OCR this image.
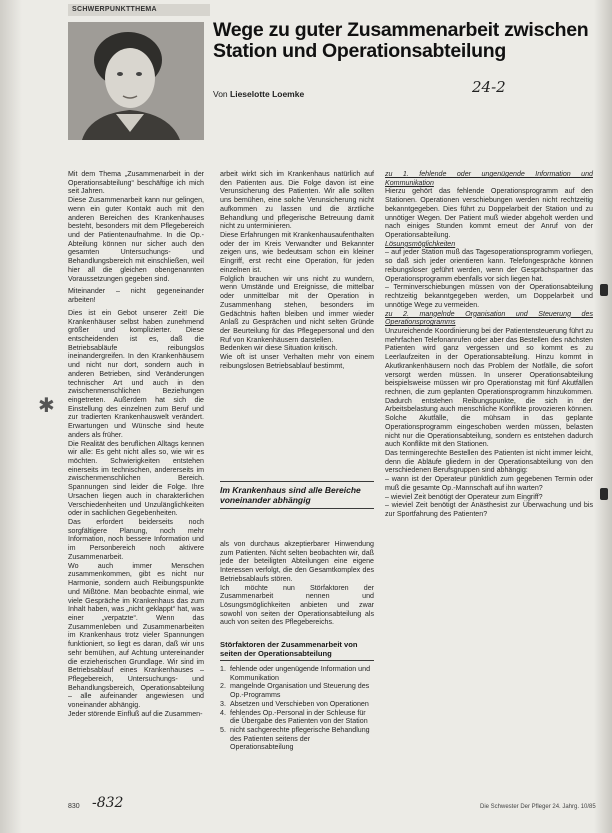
SCHWERPUNKTTHEMA
Wege zu guter Zusammenarbeit zwischen Station und Operationsabteilung
24-2
Von Lieselotte Loemke

Mit dem Thema „Zusammenarbeit in der Operationsabteilung“ beschäftige ich mich seit Jahren.

Diese Zusammenarbeit kann nur gelingen, wenn ein guter Kontakt auch mit den anderen Bereichen des Krankenhauses besteht, besonders mit dem Pflegebereich und der Patientenaufnahme. In die Op.-Abteilung können nur sicher auch den gesamten Untersuchungs- und Behandlungsbereich mit einschließen, weil hier all die gleichen obengenannten Voraussetzungen gegeben sind.

Miteinander – nicht gegeneinander arbeiten!

Dies ist ein Gebot unserer Zeit! Die Krankenhäuser selbst haben zunehmend größer und komplizierter. Diese entscheidenden ist es, daß die Betriebsabläufe reibungslos ineinandergreifen. In den Krankenhäusern und nicht nur dort, sondern auch in anderen Betrieben, sind Veränderungen technischer Art und auch in den zwischenmenschlichen Beziehungen eingetreten. Außerdem hat sich die Einstellung des einzelnen zum Beruf und zur tradierten Krankenhauswelt verändert. Erwartungen und Wünsche sind heute anders als früher.

Die Realität des beruflichen Alltags kennen wir alle: Es geht nicht alles so, wie wir es möchten. Schwierigkeiten entstehen einerseits im technischen, andererseits im zwischenmenschlichen Bereich. Spannungen sind leider die Folge. Ihre Ursachen liegen auch in charakterlichen Verschiedenheiten und Unzulänglichkeiten oder in sachlichen Gegebenheiten.

Das erfordert beiderseits noch sorgfältigere Planung, noch mehr Information, noch bessere Information und im Personbereich noch aktivere Zusammenarbeit.

Wo auch immer Menschen zusammenkommen, gibt es nicht nur Harmonie, sondern auch Reibungspunkte und Mißtöne. Man beobachte einmal, wie viele Gespräche im Krankenhaus das zum Inhalt haben, was „nicht geklappt“ hat, was einer „verpatzte“. Wenn das Zusammenleben und Zusammenarbeiten im Krankenhaus trotz vieler Spannungen funktioniert, so liegt es daran, daß wir uns sehr bemühen, auf Achtung untereinander die erzieherischen Grundlage. Wir sind im Betriebsablauf eines Krankenhauses – Pflegebereich, Untersuchungs- und Behandlungsbereich, Operationsabteilung – alle aufeinander angewiesen und voneinander abhängig.

Jeder störende Einfluß auf die Zusammen-

arbeit wirkt sich im Krankenhaus natürlich auf den Patienten aus. Die Folge davon ist eine Verunsicherung des Patienten. Wir alle sollten uns bemühen, eine solche Verunsicherung nicht aufkommen zu lassen und die ärztliche Behandlung und pflegerische Betreuung damit nicht zu unterminieren.

Diese Erfahrungen mit Krankenhausaufenthalten oder der im Kreis Verwandter und Bekannter zeigen uns, wie bedeutsam schon ein kleiner Eingriff, erst recht eine Operation, für jeden einzelnen ist.

Folglich brauchen wir uns nicht zu wundern, wenn Umstände und Ereignisse, die mittelbar oder unmittelbar mit der Operation in Zusammenhang stehen, besonders im Gedächtnis haften bleiben und immer wieder Anlaß zu Gesprächen und nicht selten Gründe der Beurteilung für das Pflegepersonal und den Ruf von Krankenhäusern darstellen.

Bedenken wir diese Situation kritisch.

Wie oft ist unser Verhalten mehr von einem reibungslosen Betriebsablauf bestimmt,

Im Krankenhaus sind alle Bereiche voneinander abhängig

als von durchaus akzeptierbarer Hinwendung zum Patienten. Nicht selten beobachten wir, daß jede der beteiligten Abteilungen eine eigene Interessen verfolgt, die den Gesamtkomplex des Betriebsablaufs stören.

Ich möchte nun Störfaktoren der Zusammenarbeit nennen und Lösungsmöglichkeiten anbieten und zwar sowohl von seiten der Operationsabteilung als auch von seiten des Pflegebereichs.

Störfaktoren der Zusammenarbeit von seiten der Operationsabteilung
1. fehlende oder ungenügende Information und Kommunikation
2. mangelnde Organisation und Steuerung des Op.-Programms
3. Absetzen und Verschieben von Operationen
4. fehlendes Op.-Personal in der Schleuse für die Übergabe des Patienten von der Station
5. nicht sachgerechte pflegerische Behandlung des Patienten seitens der Operationsabteilung

zu 1. fehlende oder ungenügende Information und Kommunikation

Hierzu gehört das fehlende Operationsprogramm auf den Stationen. Operationen verschiebungen werden nicht rechtzeitig bekanntgegeben. Dies führt zu Doppelarbeit der Station und zu unnötiger Wegen. Der Patient muß wieder abgeholt werden und nach einiges Stunden kommt erneut der Anruf von der Operationsabteilung.

Lösungsmöglichkeiten

– auf jeder Station muß das Tagesoperationsprogramm vorliegen, so daß sich jeder orientieren kann. Telefongespräche können reibungsloser geführt werden, wenn der Gesprächspartner das Operationsprogramm ebenfalls vor sich liegen hat.

– Terminverschiebungen müssen von der Operationsabteilung rechtzeitig bekanntgegeben werden, um Doppelarbeit und unnötige Wege zu vermeiden.

zu 2. mangelnde Organisation und Steuerung des Operationsprogramms

Unzureichende Koordinierung bei der Patientensteuerung führt zu mehrfachen Telefonanrufen oder aber das Bestellen des nächsten Patienten wird ganz vergessen und so kommt es zu Leerlaufzeiten in der Operationsabteilung. Hinzu kommt in Akutkrankenhäusern noch das Problem der Notfälle, die sofort versorgt werden müssen. In unserer Operationsabteilung beispielsweise müssen wir pro Operationstag mit fünf Akutfällen rechnen, die zum geplanten Operationsprogramm hinzukommen. Dadurch entstehen Reibungspunkte, die sich in der Arbeitsbelastung auch menschliche Konflikte provozieren können. Solche Akutfälle, die mühsam in das geplante Operationsprogramm eingeschoben werden müssen, belasten nicht nur die Operationsabteilung, sondern es entstehen dadurch auch Konflikte mit den Stationen.

Das termingerechte Bestellen des Patienten ist nicht immer leicht, denn die Abläufe gliedern in der Operationsabteilung von den verschiedenen Berufsgruppen sind abhängig:

– wann ist der Operateur pünktlich zum gegebenen Termin oder muß die gesamte Op.-Mannschaft auf ihn warten?

– wieviel Zeit benötigt der Operateur zum Eingriff?

– wieviel Zeit benötigt der Anästhesist zur Überwachung und bis zur Sportfahrung des Patienten?

✱
830 -832	Die Schwester Der Pfleger 24. Jahrg. 10/85
